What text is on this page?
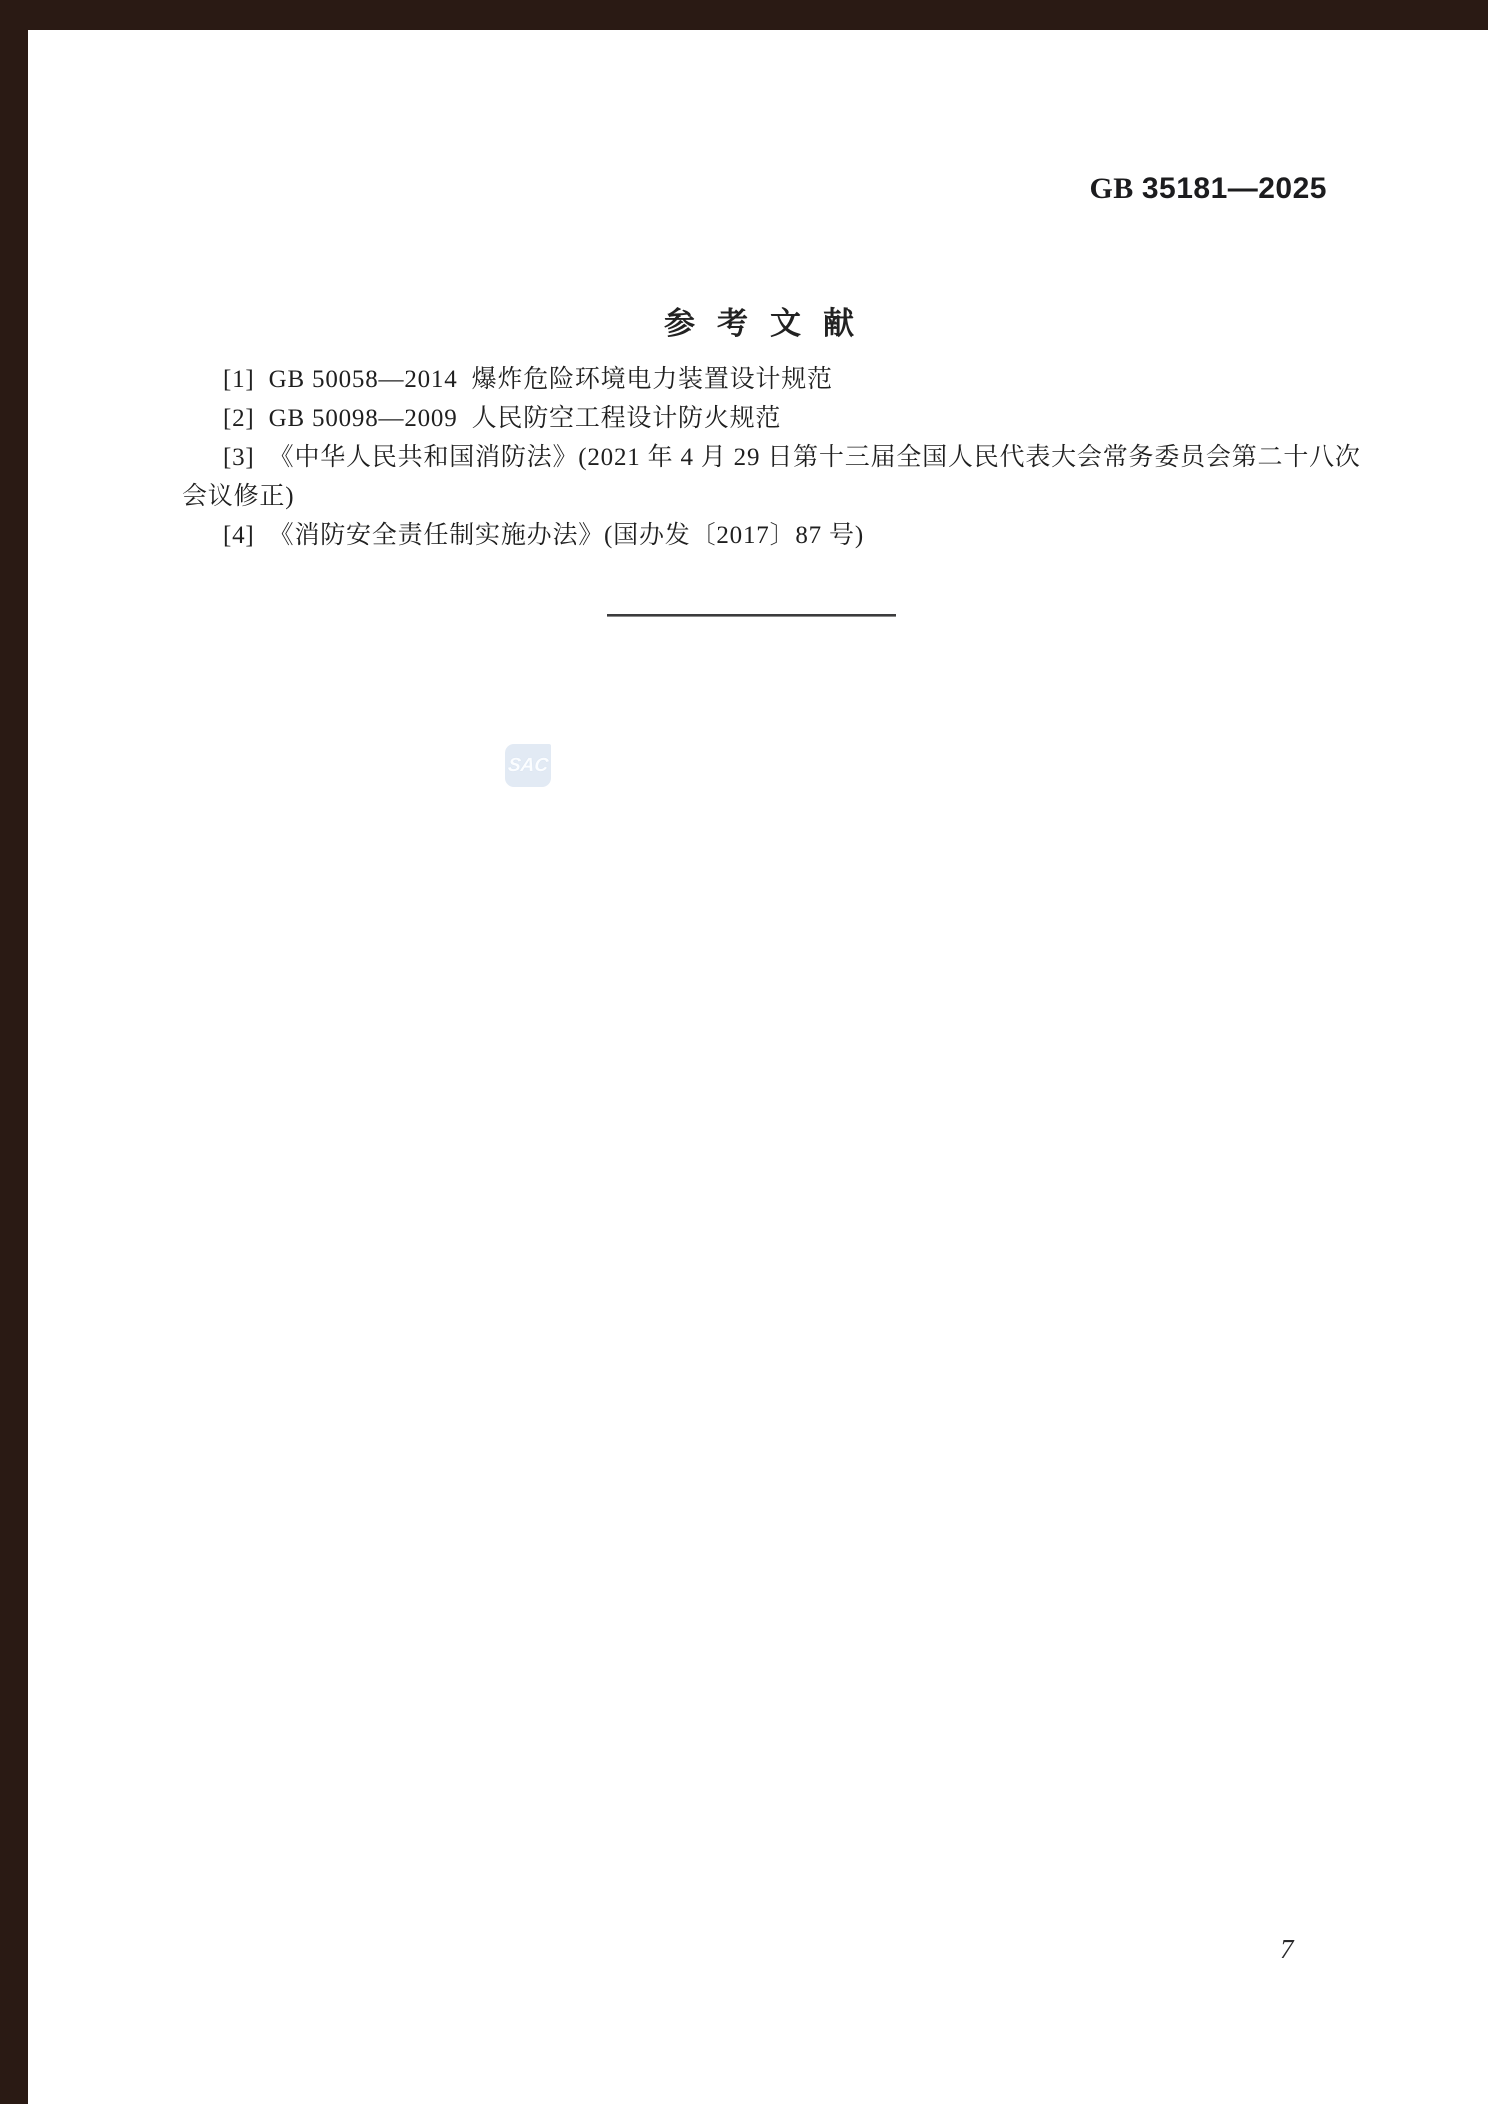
GB 35181—2025
参考文献
[1]  GB 50058—2014  爆炸危险环境电力装置设计规范
[2]  GB 50098—2009  人民防空工程设计防火规范
[3]  《中华人民共和国消防法》(2021 年 4 月 29 日第十三届全国人民代表大会常务委员会第二十八次
会议修正)
[4]  《消防安全责任制实施办法》(国办发〔2017〕87 号)
SAC
7
